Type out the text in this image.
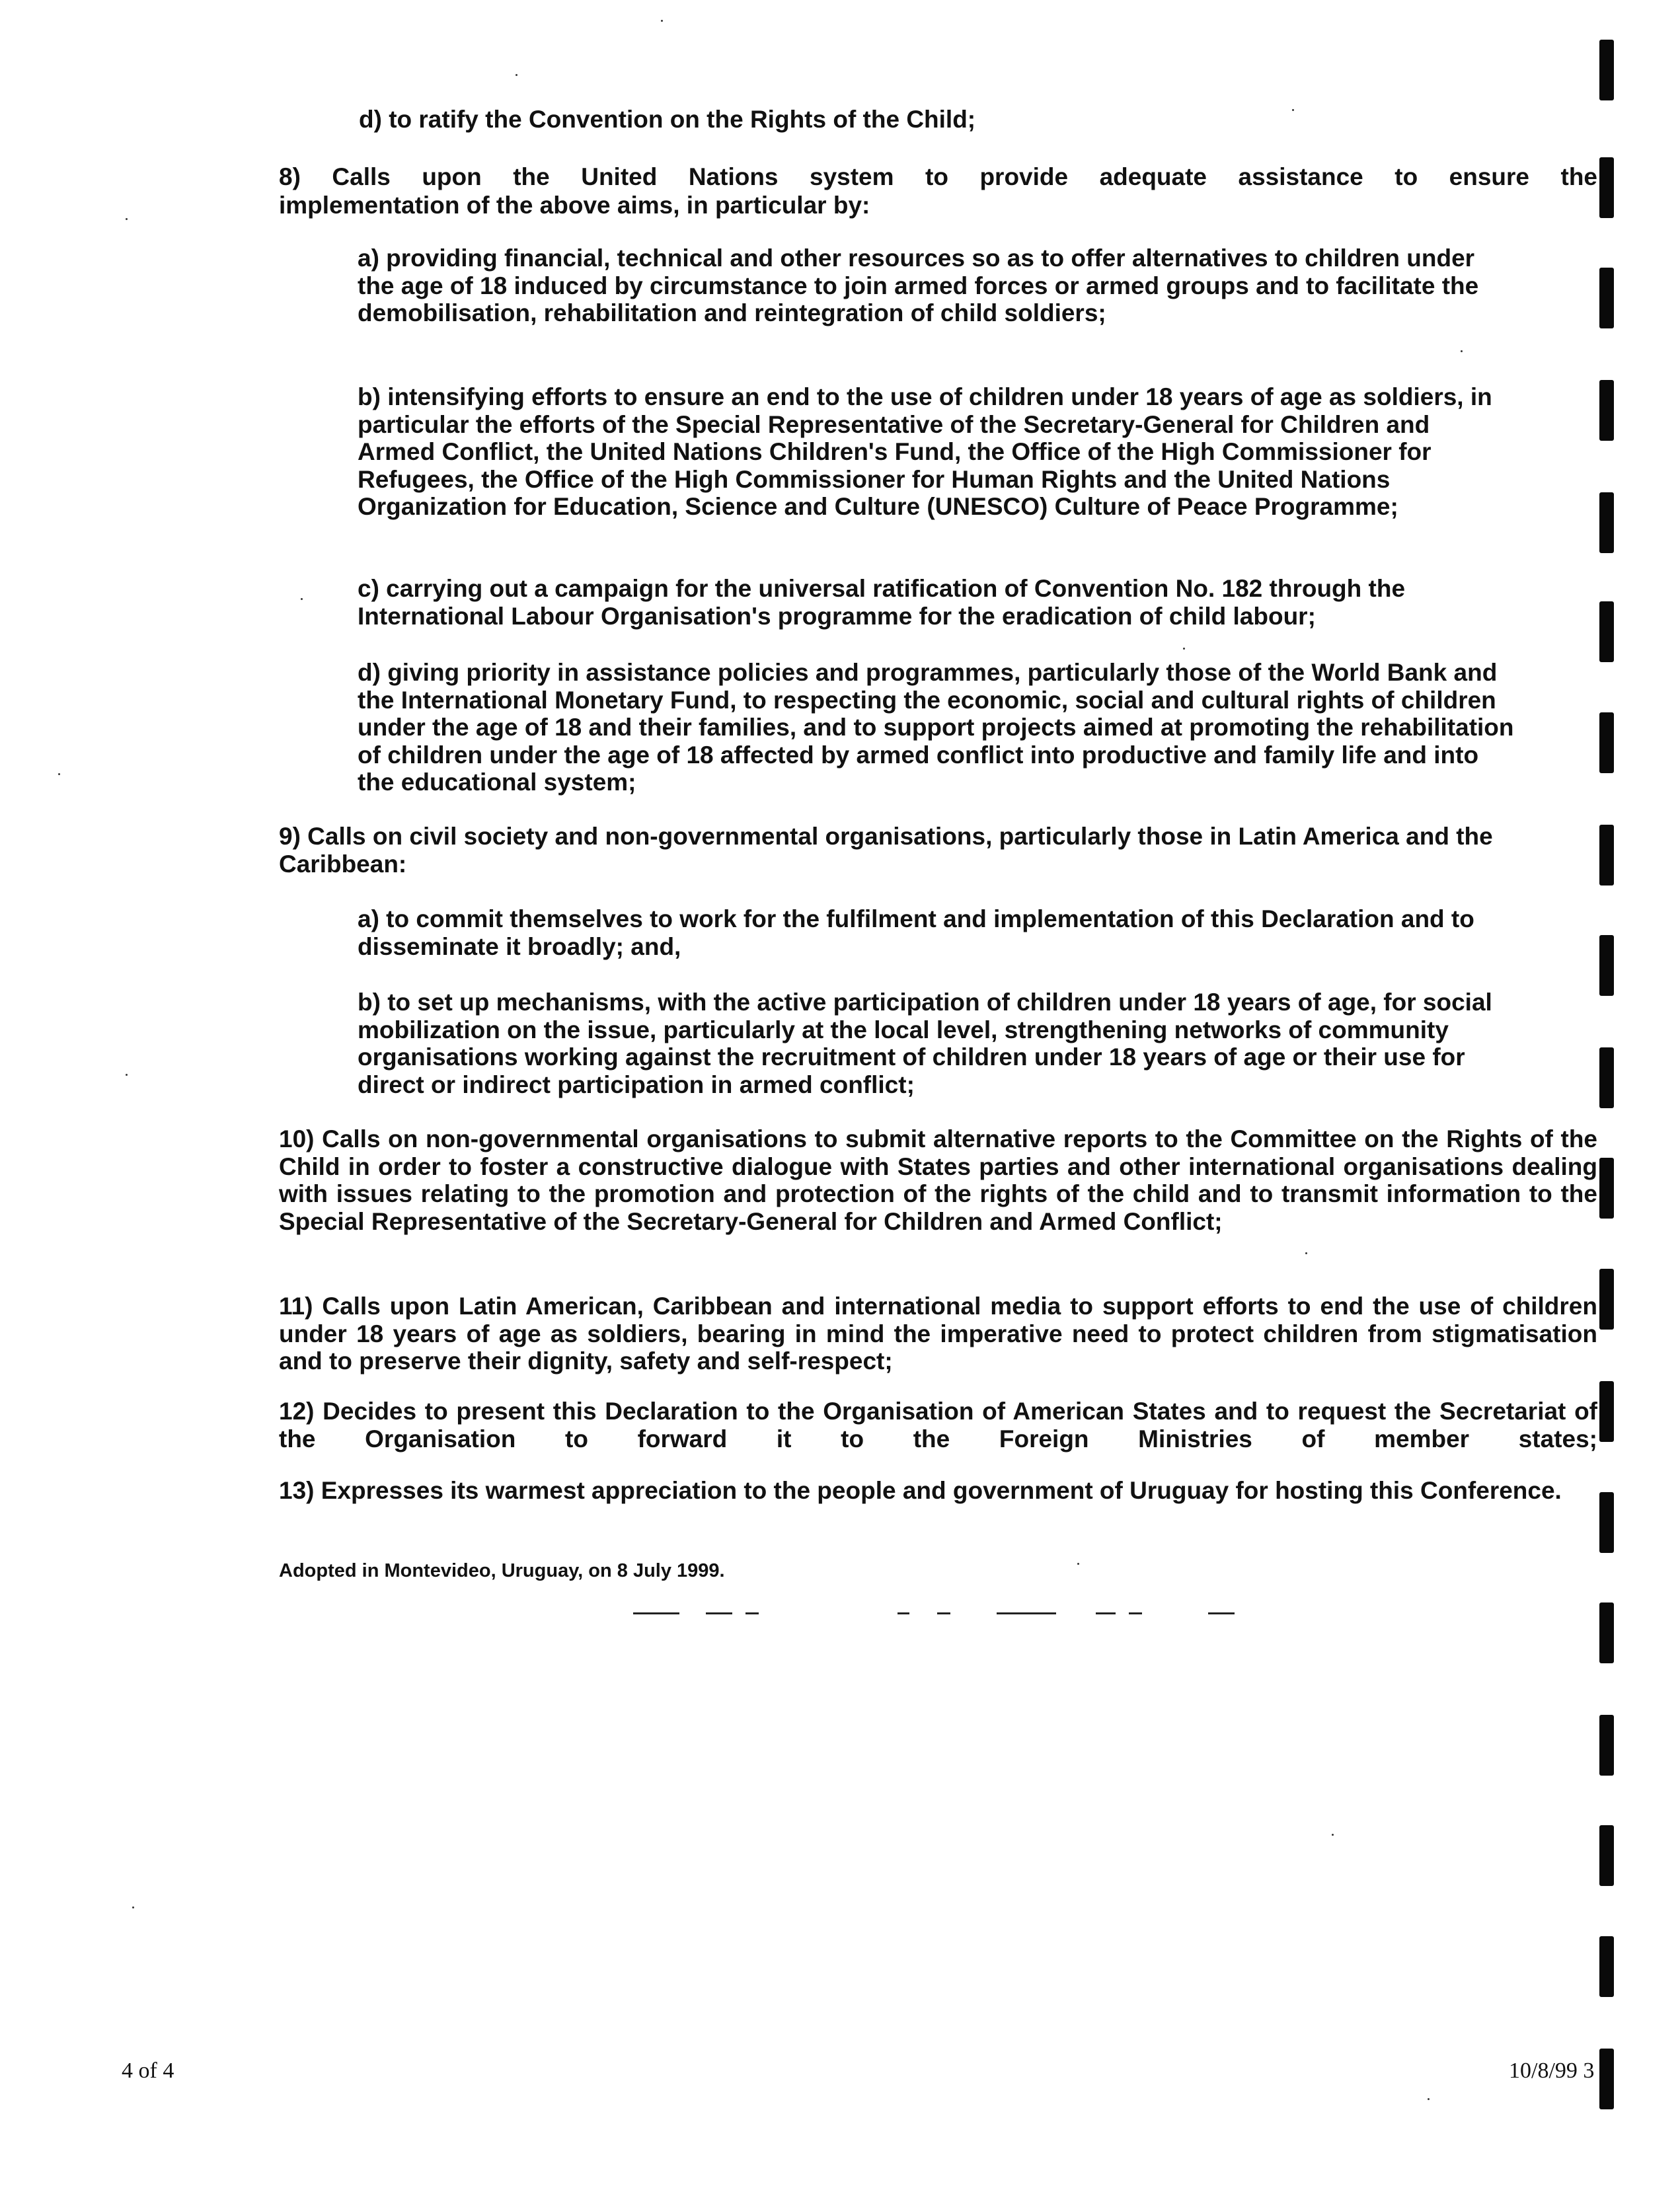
d) to ratify the Convention on the Rights of the Child;
8) Calls upon the United Nations system to provide adequate assistance to ensure the
implementation of the above aims, in particular by:
a) providing financial, technical and other resources so as to offer alternatives to children under the age of 18 induced by circumstance to join armed forces or armed groups and to facilitate the demobilisation, rehabilitation and reintegration of child soldiers;
b) intensifying efforts to ensure an end to the use of children under 18 years of age as soldiers, in particular the efforts of the Special Representative of the Secretary-General for Children and Armed Conflict, the United Nations Children's Fund, the Office of the High Commissioner for Refugees, the Office of the High Commissioner for Human Rights and the United Nations Organization for Education, Science and Culture (UNESCO) Culture of Peace Programme;
c) carrying out a campaign for the universal ratification of Convention No. 182 through the International Labour Organisation's programme for the eradication of child labour;
d) giving priority in assistance policies and programmes, particularly those of the World Bank and the International Monetary Fund, to respecting the economic, social and cultural rights of children under the age of 18 and their families, and to support projects aimed at promoting the rehabilitation of children under the age of 18 affected by armed conflict into productive and family life and into the educational system;
9) Calls on civil society and non-governmental organisations, particularly those in Latin America and the Caribbean:
a) to commit themselves to work for the fulfilment and implementation of this Declaration and to disseminate it broadly; and,
b) to set up mechanisms, with the active participation of children under 18 years of age, for social mobilization on the issue, particularly at the local level, strengthening networks of community organisations working against the recruitment of children under 18 years of age or their use for direct or indirect participation in armed conflict;
10) Calls on non-governmental organisations to submit alternative reports to the Committee on the Rights of the Child in order to foster a constructive dialogue with States parties and other international organisations dealing with issues relating to the promotion and protection of the rights of the child and to transmit information to the Special Representative of the Secretary-General for Children and Armed Conflict;
11) Calls upon Latin American, Caribbean and international media to support efforts to end the use of children under 18 years of age as soldiers, bearing in mind the imperative need to protect children from stigmatisation and to preserve their dignity, safety and self-respect;
12) Decides to present this Declaration to the Organisation of American States and to request the Secretariat of the Organisation to forward it to the Foreign Ministries of member states;
13) Expresses its warmest appreciation to the people and government of Uruguay for hosting this Conference.
Adopted in Montevideo, Uruguay, on 8 July 1999.
4 of 4	10/8/99 3
